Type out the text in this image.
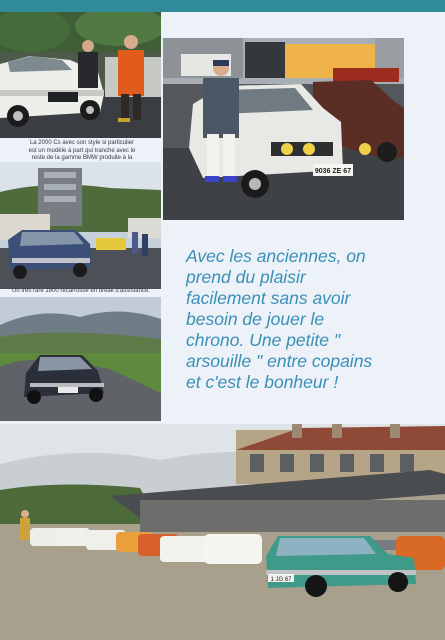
La 2000 Cs avec son style si particulier est un modèle à part qui tranche avec le reste de la gamme BMW produite à la
9036 ZE 67
Un très rare 1800 recarrossé en break d'assistance.
Avec les anciennes, on
prend du plaisir
facilement sans avoir
besoin de jouer le
chrono. Une petite "
arsouille " entre copains
et c'est le bonheur !
1 JG 67
